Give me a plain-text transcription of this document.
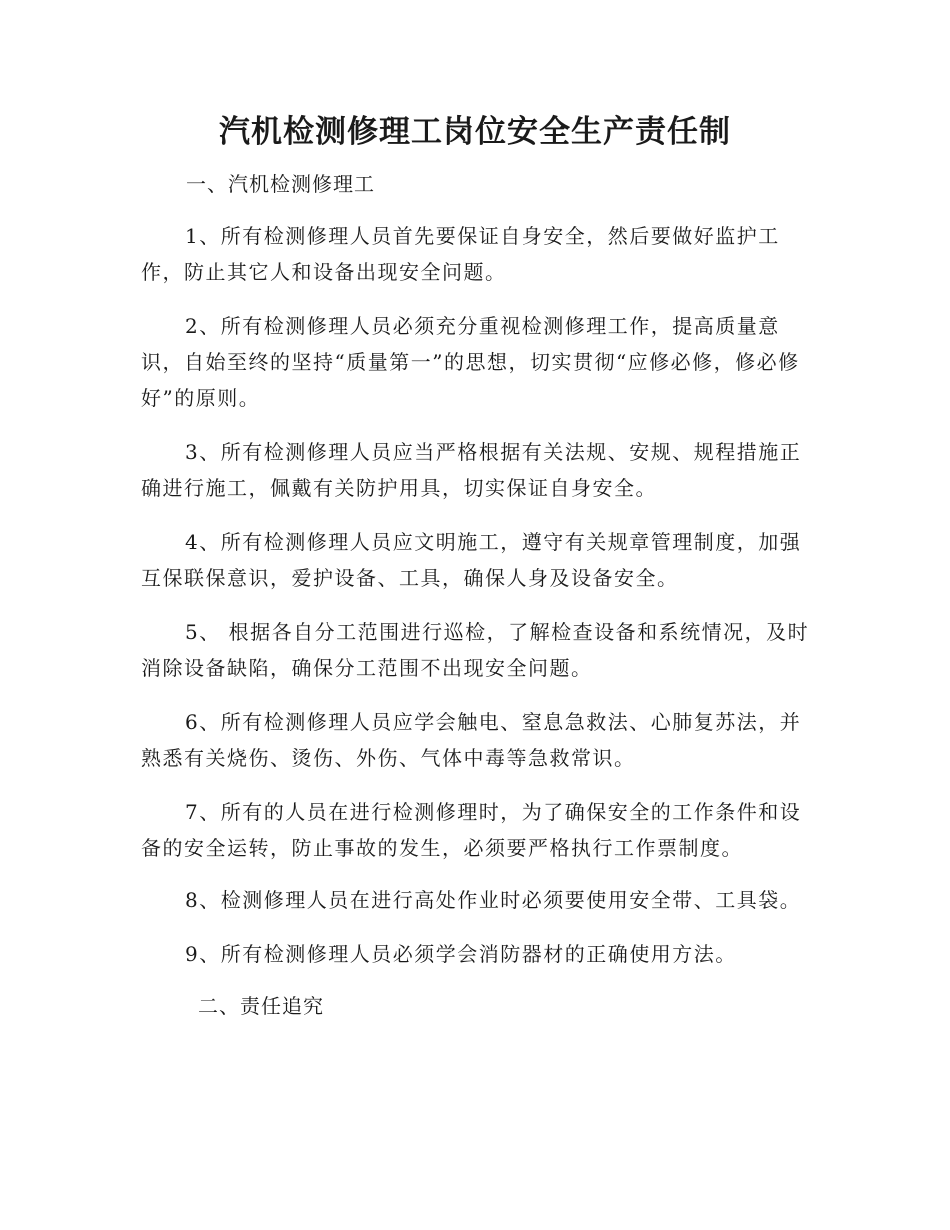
汽机检测修理工岗位安全生产责任制
一、汽机检测修理工

1、所有检测修理人员首先要保证自身安全，然后要做好监护工作，防止其它人和设备出现安全问题。

2、所有检测修理人员必须充分重视检测修理工作，提高质量意识，自始至终的坚持“质量第一”的思想，切实贯彻“应修必修，修必修好”的原则。

3、所有检测修理人员应当严格根据有关法规、安规、规程措施正确进行施工，佩戴有关防护用具，切实保证自身安全。

4、所有检测修理人员应文明施工，遵守有关规章管理制度，加强互保联保意识，爱护设备、工具，确保人身及设备安全。

5、 根据各自分工范围进行巡检，了解检查设备和系统情况，及时消除设备缺陷，确保分工范围不出现安全问题。

6、所有检测修理人员应学会触电、窒息急救法、心肺复苏法，并熟悉有关烧伤、烫伤、外伤、气体中毒等急救常识。

7、所有的人员在进行检测修理时，为了确保安全的工作条件和设备的安全运转，防止事故的发生，必须要严格执行工作票制度。

8、检测修理人员在进行高处作业时必须要使用安全带、工具袋。

9、所有检测修理人员必须学会消防器材的正确使用方法。

二、责任追究
